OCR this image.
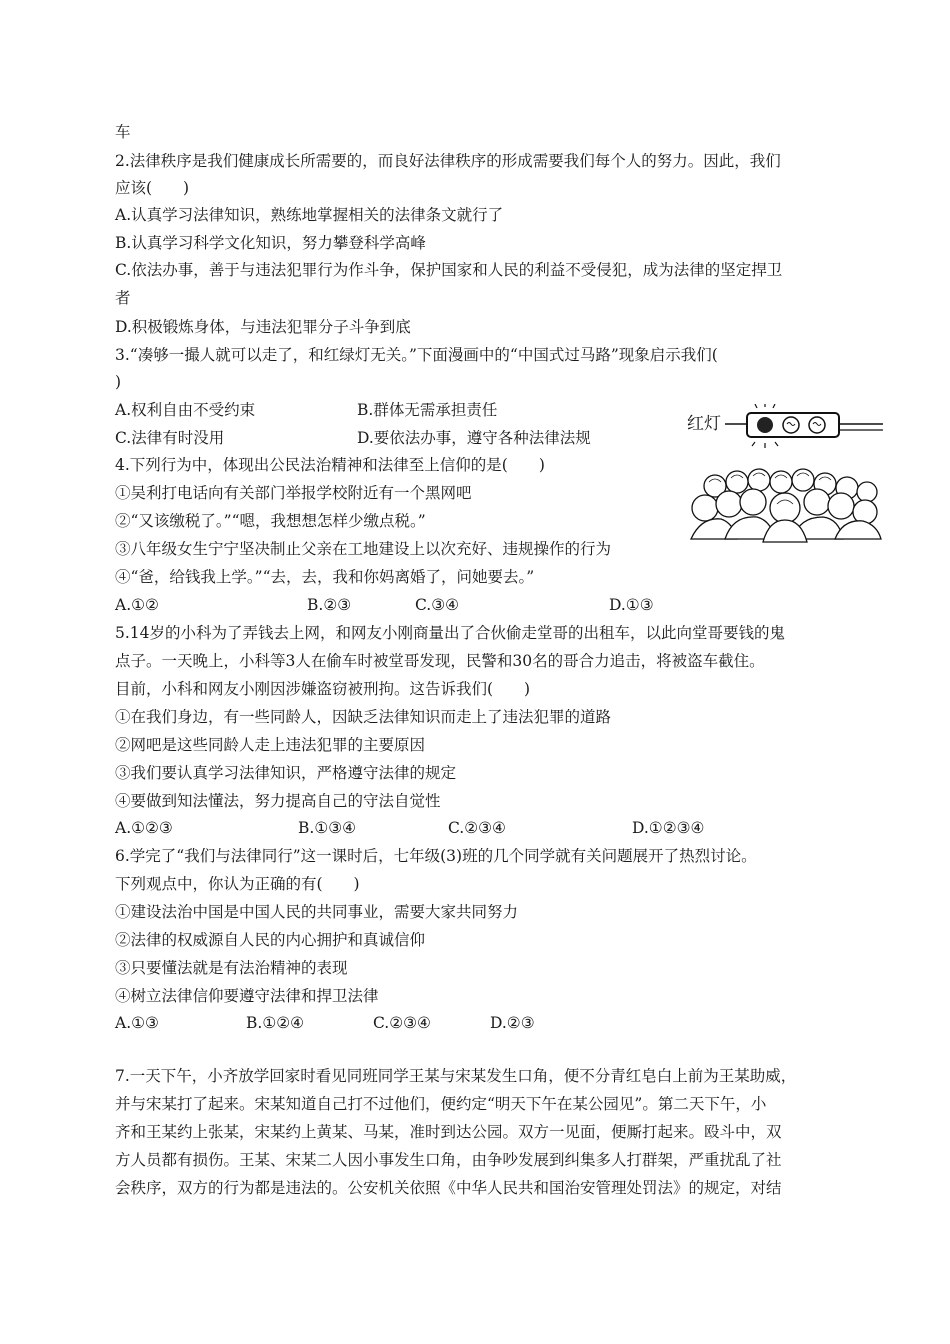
车
2.法律秩序是我们健康成长所需要的，而良好法律秩序的形成需要我们每个人的努力。因此，我们
应该(　　)
A.认真学习法律知识，熟练地掌握相关的法律条文就行了
B.认真学习科学文化知识，努力攀登科学高峰
C.依法办事，善于与违法犯罪行为作斗争，保护国家和人民的利益不受侵犯，成为法律的坚定捍卫
者
D.积极锻炼身体，与违法犯罪分子斗争到底
3.“凑够一撮人就可以走了，和红绿灯无关。”下面漫画中的“中国式过马路”现象启示我们(
)
A.权利自由不受约束	B.群体无需承担责任
C.法律有时没用	D.要依法办事，遵守各种法律法规
4.下列行为中，体现出公民法治精神和法律至上信仰的是(　　)
①吴利打电话向有关部门举报学校附近有一个黑网吧
②“又该缴税了。”“嗯，我想想怎样少缴点税。”
③八年级女生宁宁坚决制止父亲在工地建设上以次充好、违规操作的行为
④“爸，给钱我上学。”“去，去，我和你妈离婚了，问她要去。”
A.①②	B.②③	C.③④	D.①③
5.14岁的小科为了弄钱去上网，和网友小刚商量出了合伙偷走堂哥的出租车，以此向堂哥要钱的鬼
点子。一天晚上，小科等3人在偷车时被堂哥发现，民警和30名的哥合力追击，将被盗车截住。
目前，小科和网友小刚因涉嫌盗窃被刑拘。这告诉我们(　　)
①在我们身边，有一些同龄人，因缺乏法律知识而走上了违法犯罪的道路
②网吧是这些同龄人走上违法犯罪的主要原因
③我们要认真学习法律知识，严格遵守法律的规定
④要做到知法懂法，努力提高自己的守法自觉性
A.①②③	B.①③④	C.②③④	D.①②③④
6.学完了“我们与法律同行”这一课时后，七年级(3)班的几个同学就有关问题展开了热烈讨论。
下列观点中，你认为正确的有(　　)
①建设法治中国是中国人民的共同事业，需要大家共同努力
②法律的权威源自人民的内心拥护和真诚信仰
③只要懂法就是有法治精神的表现
④树立法律信仰要遵守法律和捍卫法律
A.①③	B.①②④	C.②③④	D.②③
7.一天下午，小齐放学回家时看见同班同学王某与宋某发生口角，便不分青红皂白上前为王某助威，
并与宋某打了起来。宋某知道自己打不过他们，便约定“明天下午在某公园见”。第二天下午，小
齐和王某约上张某，宋某约上黄某、马某，准时到达公园。双方一见面，便厮打起来。殴斗中，双
方人员都有损伤。王某、宋某二人因小事发生口角，由争吵发展到纠集多人打群架，严重扰乱了社
会秩序，双方的行为都是违法的。公安机关依照《中华人民共和国治安管理处罚法》的规定，对结
红灯
